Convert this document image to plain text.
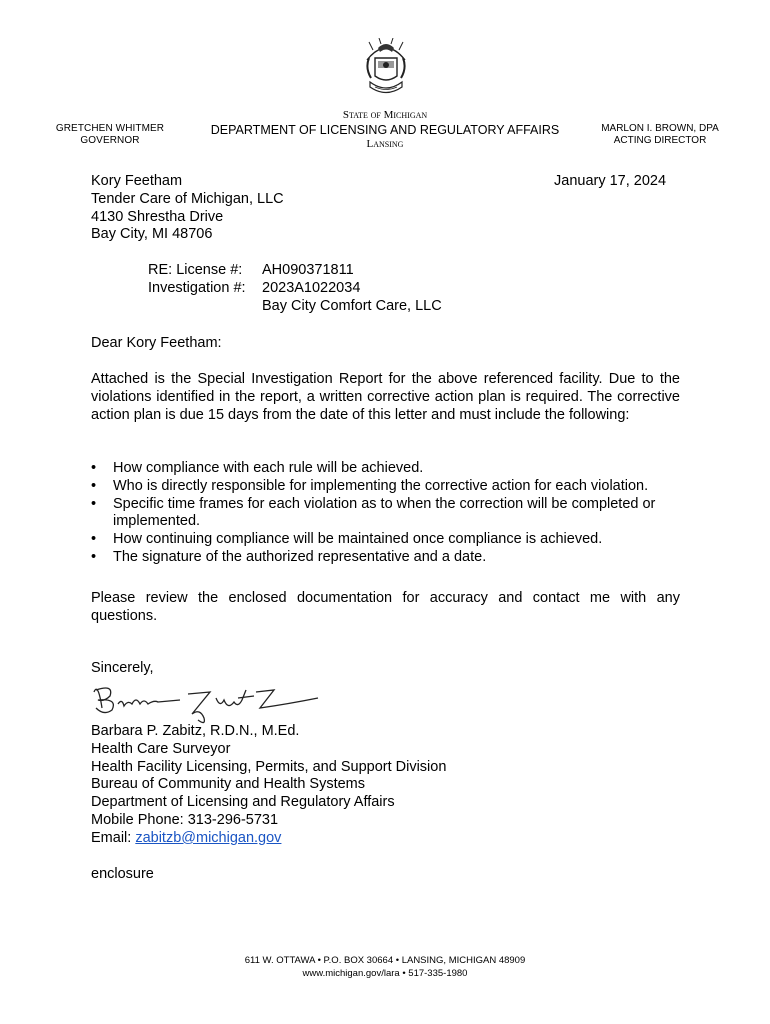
GRETCHEN WHITMER
GOVERNOR
State of Michigan
DEPARTMENT OF LICENSING AND REGULATORY AFFAIRS
Lansing
MARLON I. BROWN, DPA
ACTING DIRECTOR
January 17, 2024
Kory Feetham
Tender Care of Michigan, LLC
4130 Shrestha Drive
Bay City, MI 48706
RE: License #: AH090371811
Investigation #: 2023A1022034
Bay City Comfort Care, LLC
Dear Kory Feetham:
Attached is the Special Investigation Report for the above referenced facility. Due to the violations identified in the report, a written corrective action plan is required. The corrective action plan is due 15 days from the date of this letter and must include the following:
• How compliance with each rule will be achieved.
• Who is directly responsible for implementing the corrective action for each violation.
• Specific time frames for each violation as to when the correction will be completed or implemented.
• How continuing compliance will be maintained once compliance is achieved.
• The signature of the authorized representative and a date.
Please review the enclosed documentation for accuracy and contact me with any questions.
Sincerely,
Barbara P. Zabitz, R.D.N., M.Ed.
Health Care Surveyor
Health Facility Licensing, Permits, and Support Division
Bureau of Community and Health Systems
Department of Licensing and Regulatory Affairs
Mobile Phone: 313-296-5731
Email: zabitzb@michigan.gov
enclosure
611 W. OTTAWA • P.O. BOX 30664 • LANSING, MICHIGAN 48909
www.michigan.gov/lara • 517-335-1980
